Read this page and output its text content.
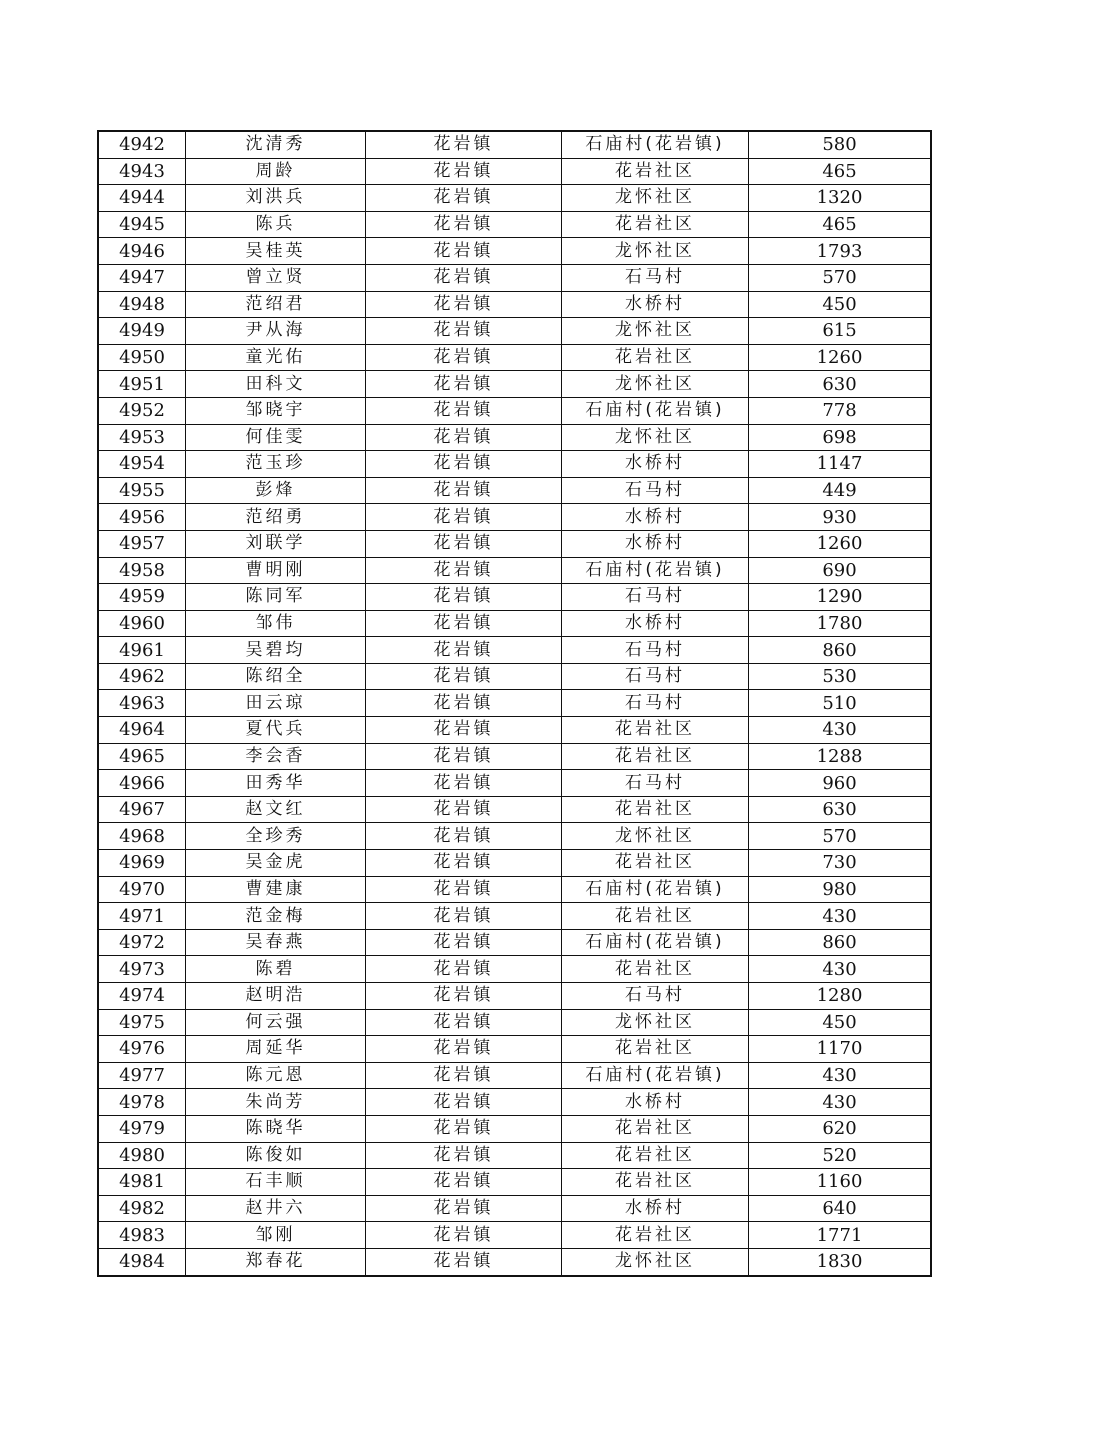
4942	沈清秀	花岩镇	石庙村(花岩镇)	580
4943	周龄	花岩镇	花岩社区	465
4944	刘洪兵	花岩镇	龙怀社区	1320
4945	陈兵	花岩镇	花岩社区	465
4946	吴桂英	花岩镇	龙怀社区	1793
4947	曾立贤	花岩镇	石马村	570
4948	范绍君	花岩镇	水桥村	450
4949	尹从海	花岩镇	龙怀社区	615
4950	童光佑	花岩镇	花岩社区	1260
4951	田科文	花岩镇	龙怀社区	630
4952	邹晓宇	花岩镇	石庙村(花岩镇)	778
4953	何佳雯	花岩镇	龙怀社区	698
4954	范玉珍	花岩镇	水桥村	1147
4955	彭烽	花岩镇	石马村	449
4956	范绍勇	花岩镇	水桥村	930
4957	刘联学	花岩镇	水桥村	1260
4958	曹明刚	花岩镇	石庙村(花岩镇)	690
4959	陈同军	花岩镇	石马村	1290
4960	邹伟	花岩镇	水桥村	1780
4961	吴碧均	花岩镇	石马村	860
4962	陈绍全	花岩镇	石马村	530
4963	田云琼	花岩镇	石马村	510
4964	夏代兵	花岩镇	花岩社区	430
4965	李会香	花岩镇	花岩社区	1288
4966	田秀华	花岩镇	石马村	960
4967	赵文红	花岩镇	花岩社区	630
4968	全珍秀	花岩镇	龙怀社区	570
4969	吴金虎	花岩镇	花岩社区	730
4970	曹建康	花岩镇	石庙村(花岩镇)	980
4971	范金梅	花岩镇	花岩社区	430
4972	吴春燕	花岩镇	石庙村(花岩镇)	860
4973	陈碧	花岩镇	花岩社区	430
4974	赵明浩	花岩镇	石马村	1280
4975	何云强	花岩镇	龙怀社区	450
4976	周延华	花岩镇	花岩社区	1170
4977	陈元恩	花岩镇	石庙村(花岩镇)	430
4978	朱尚芳	花岩镇	水桥村	430
4979	陈晓华	花岩镇	花岩社区	620
4980	陈俊如	花岩镇	花岩社区	520
4981	石丰顺	花岩镇	花岩社区	1160
4982	赵井六	花岩镇	水桥村	640
4983	邹刚	花岩镇	花岩社区	1771
4984	郑春花	花岩镇	龙怀社区	1830
